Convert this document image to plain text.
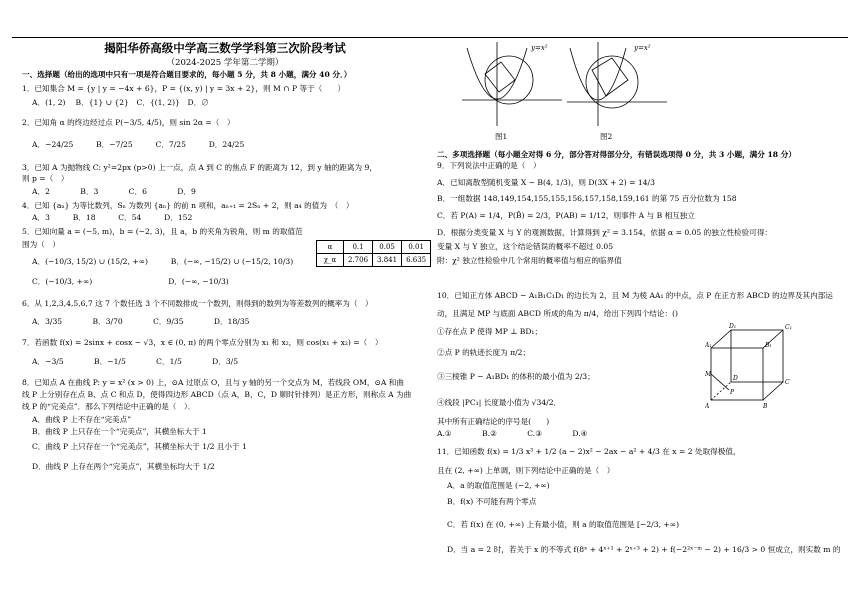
揭阳华侨高级中学高三数学学科第三次阶段考试
（2024-2025 学年第二学期）
一、选择题（给出的选项中只有一项是符合题目要求的，每小题 5 分，共 8 小题，满分 40 分．）
1．已知集合 M = {y | y = −4x + 6}，P = {(x, y) | y = 3x + 2}，则 M ∩ P 等于（　　）
A．(1, 2)　 B．{1} ∪ {2}　C．{(1, 2)}　D．∅
2．已知角 α 的终边经过点 P(−3/5, 4/5)，则 sin 2α =（　）
A．−24/25　　　B．−7/25　　　C．7/25　　　D．24/25
3．已知 A 为抛物线 C: y²=2px (p>0) 上一点，点 A 到 C 的焦点 F 的距离为 12，到 y 轴的距离为 9，
则 p =（　）
A．2　　　　B．3　　　　C．6　　　　D．9
4．已知 {aₙ} 为等比数列，Sₙ 为数列 {aₙ} 的前 n 项和，aₙ₊₁ = 2Sₙ + 2，则 a₄ 的值为　（　）
A．3　　　B．18　　　C．54　　　D．152
5．已知向量 a = (−5, m)，b = (−2, 3)，且 a，b 的夹角为锐角，则 m 的取值范
围为（　）
A．(−10/3, 15/2) ∪ (15/2, +∞)　　　B．(−∞, −15/2) ∪ (−15/2, 10/3)
C．(−10/3, +∞)　　　　　　　　　　D．(−∞, −10/3)
6．从 1,2,3,4,5,6,7 这 7 个数任选 3 个不同数排成一个数列，则得到的数列为等差数列的概率为（　）
A．3/35　　　　B．3/70　　　　C．9/35　　　　D．18/35
7．若函数 f(x) = 2sinx + cosx − √3，x ∈ (0, π) 的两个零点分别为 x₁ 和 x₂，则 cos(x₁ + x₂) =（　）
A．−3/5　　　　B．−1/5　　　　C．1/5　　　　D．3/5
8．已知点 A 在曲线 P: y = x² (x > 0) 上，⊙A 过原点 O，且与 y 轴的另一个交点为 M，若线段 OM，⊙A 和曲
线 P 上分别存在点 B、点 C 和点 D，使得四边形 ABCD（点 A，B，C，D 顺时针排列）是正方形，则称点 A 为曲
线 P 的“完美点”．那么下列结论中正确的是（　）．
A．曲线 P 上不存在“完美点”
B．曲线 P 上只存在一个“完美点”，其横坐标大于 1
C．曲线 P 上只存在一个“完美点”，其横坐标大于 1/2 且小于 1
D．曲线 P 上存在两个“完美点”，其横坐标均大于 1/2
α	0.1	0.05	0.01
χ_α	2.706	3.841	6.635
y=x²
图1
y=x²
图2
二、多项选择题（每小题全对得 6 分，部分答对得部分分，有错误选项得 0 分，共 3 小题，满分 18 分）
9．下列说法中正确的是（　）
A．已知离散型随机变量 X ~ B(4, 1/3)，则 D(3X + 2) = 14/3
B．一组数据 148,149,154,155,155,156,157,158,159,161 的第 75 百分位数为 158
C．若 P(A) = 1/4，P(B̄) = 2/3，P(AB) = 1/12，则事件 A 与 B 相互独立
D．根据分类变量 X 与 Y 的观测数据，计算得到 χ² = 3.154，依据 α = 0.05 的独立性检验可得：
变量 X 与 Y 独立，这个结论错误的概率不超过 0.05
附：χ² 独立性检验中几个常用的概率值与相应的临界值
10．已知正方体 ABCD − A₁B₁C₁D₁ 的边长为 2，且 M 为棱 AA₁ 的中点，点 P 在正方形 ABCD 的边界及其内部运
动，且满足 MP 与底面 ABCD 所成的角为 π/4，给出下列四个结论：()
①存在点 P 使得 MP ⊥ BD₁；
②点 P 的轨迹长度为 π/2；
③三棱锥 P − A₁BD₁ 的体积的最小值为 2/3；
④线段 |PC₁| 长度最小值为 √34/2．
其中所有正确结论的序号是(　　)
A.①　　　　B.②　　　　C.③　　　　D.④
D₁	C₁
A₁	B₁
M
D
C
A	B
P
11．已知函数 f(x) = 1/3 x³ + 1/2 (a − 2)x² − 2ax − a² + 4/3 在 x = 2 处取得极值，
且在 (2, +∞) 上单调，则下列结论中正确的是（　）
A．a 的取值范围是 (−2, +∞)
B．f(x) 不可能有两个零点
C．若 f(x) 在 (0, +∞) 上有最小值，则 a 的取值范围是 [−2/3, +∞)
D．当 a = 2 时，若关于 x 的不等式 f(8ˣ + 4ˣ⁺¹ + 2ˣ⁺³ + 2) + f(−2²ˣ⁻ᵐ − 2) + 16/3 > 0 恒成立，则实数 m 的
